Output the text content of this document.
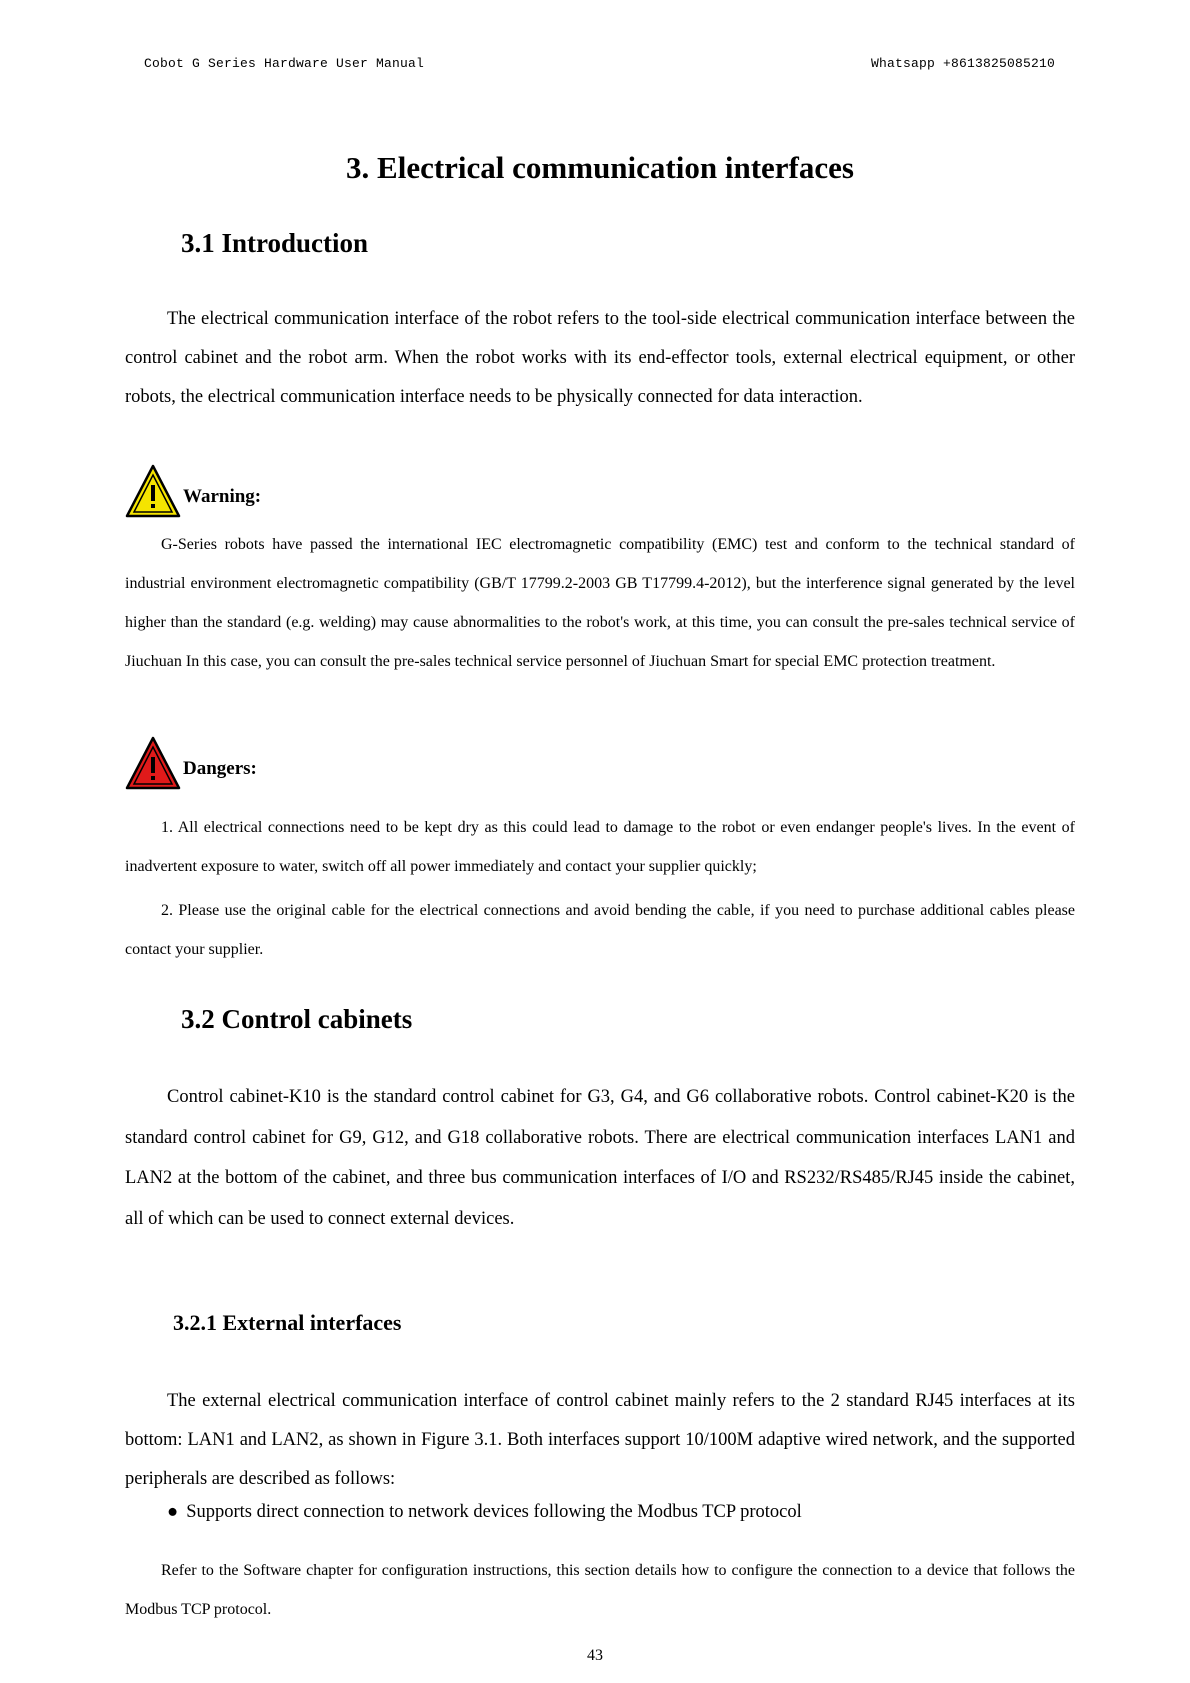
Cobot G Series Hardware User Manual	Whatsapp +8613825085210
3. Electrical communication interfaces
3.1 Introduction

The electrical communication interface of the robot refers to the tool-side electrical communication interface between the control cabinet and the robot arm. When the robot works with its end-effector tools, external electrical equipment, or other robots, the electrical communication interface needs to be physically connected for data interaction.

Warning:

G-Series robots have passed the international IEC electromagnetic compatibility (EMC) test and conform to the technical standard of industrial environment electromagnetic compatibility (GB/T 17799.2-2003 GB T17799.4-2012), but the interference signal generated by the level higher than the standard (e.g. welding) may cause abnormalities to the robot's work, at this time, you can consult the pre-sales technical service of Jiuchuan In this case, you can consult the pre-sales technical service personnel of Jiuchuan Smart for special EMC protection treatment.

Dangers:

1. All electrical connections need to be kept dry as this could lead to damage to the robot or even endanger people's lives. In the event of inadvertent exposure to water, switch off all power immediately and contact your supplier quickly;

2. Please use the original cable for the electrical connections and avoid bending the cable, if you need to purchase additional cables please contact your supplier.

3.2 Control cabinets

Control cabinet-K10 is the standard control cabinet for G3, G4, and G6 collaborative robots. Control cabinet-K20 is the standard control cabinet for G9, G12, and G18 collaborative robots. There are electrical communication interfaces LAN1 and LAN2 at the bottom of the cabinet, and three bus communication interfaces of I/O and RS232/RS485/RJ45 inside the cabinet, all of which can be used to connect external devices.

3.2.1 External interfaces

The external electrical communication interface of control cabinet mainly refers to the 2 standard RJ45 interfaces at its bottom: LAN1 and LAN2, as shown in Figure 3.1. Both interfaces support 10/100M adaptive wired network, and the supported peripherals are described as follows:

● Supports direct connection to network devices following the Modbus TCP protocol

Refer to the Software chapter for configuration instructions, this section details how to configure the connection to a device that follows the Modbus TCP protocol.

43
